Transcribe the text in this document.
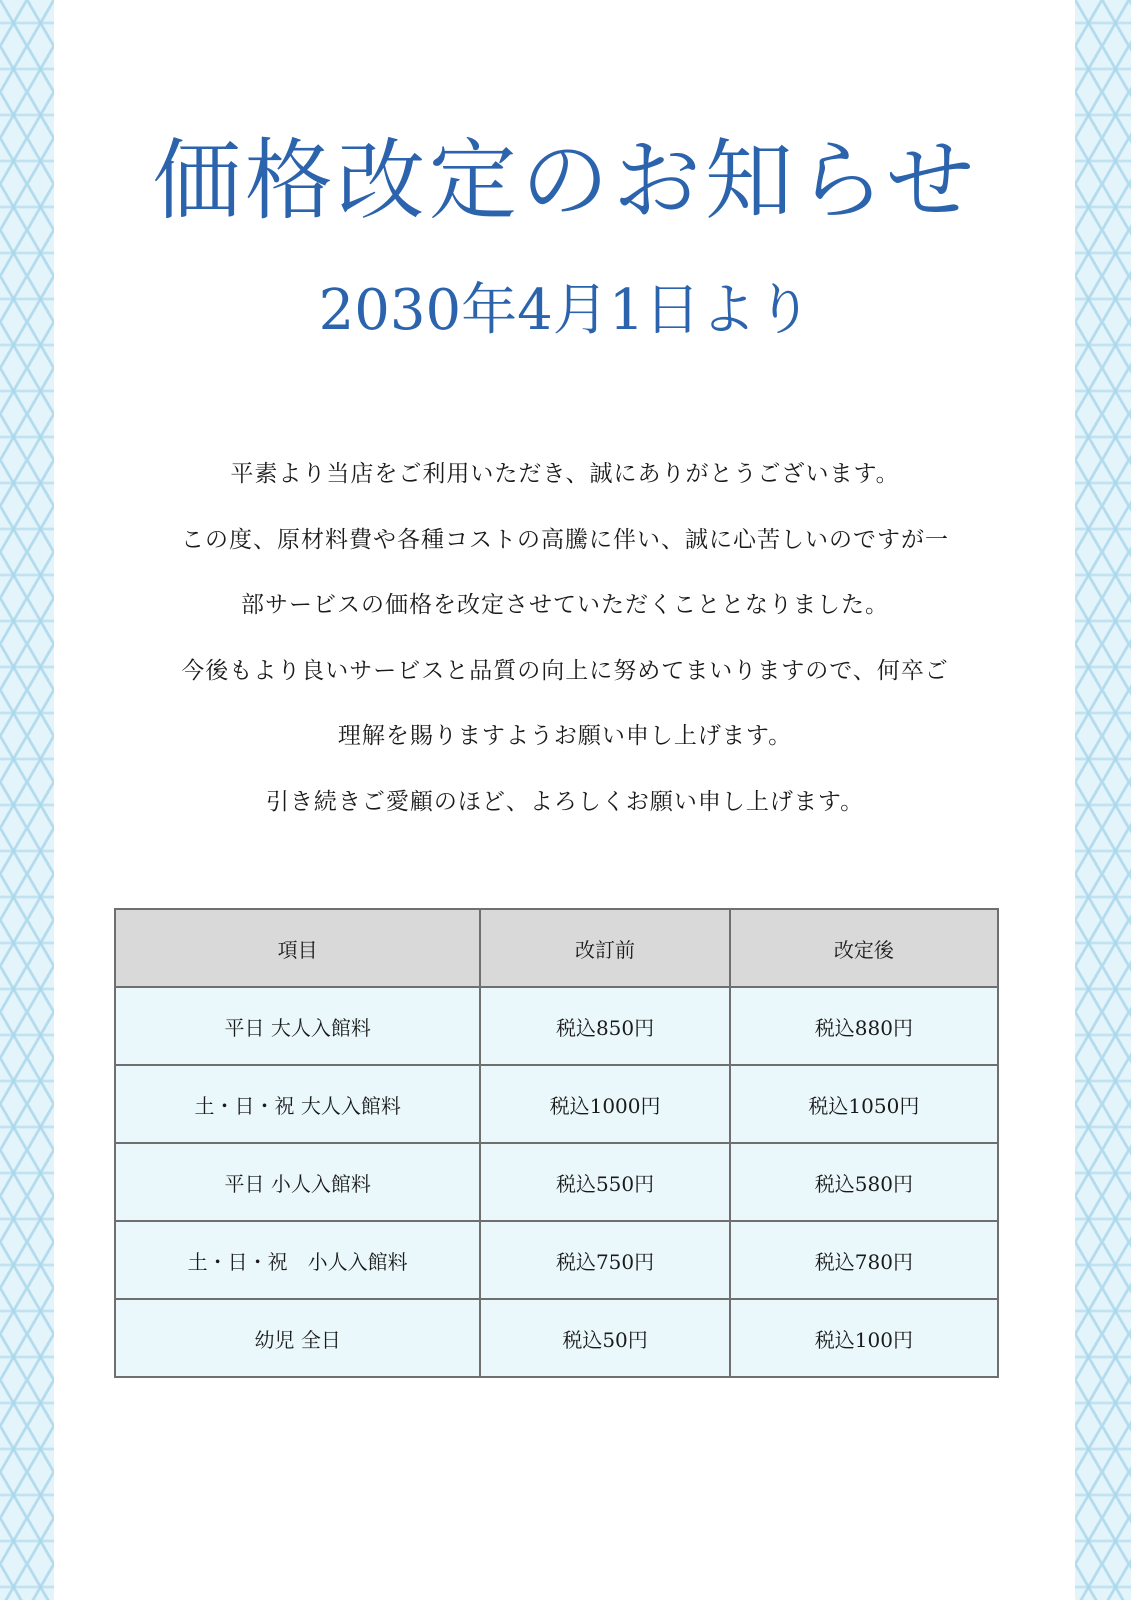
価格改定のお知らせ
2030年4月1日より

平素より当店をご利用いただき、誠にありがとうございます。

この度、原材料費や各種コストの高騰に伴い、誠に心苦しいのですが一

部サービスの価格を改定させていただくこととなりました。

今後もより良いサービスと品質の向上に努めてまいりますので、何卒ご

理解を賜りますようお願い申し上げます。

引き続きご愛顧のほど、よろしくお願い申し上げます。

項目	改訂前	改定後
平日 大人入館料	税込850円	税込880円
土・日・祝 大人入館料	税込1000円	税込1050円
平日 小人入館料	税込550円	税込580円
土・日・祝　小人入館料	税込750円	税込780円
幼児 全日	税込50円	税込100円
